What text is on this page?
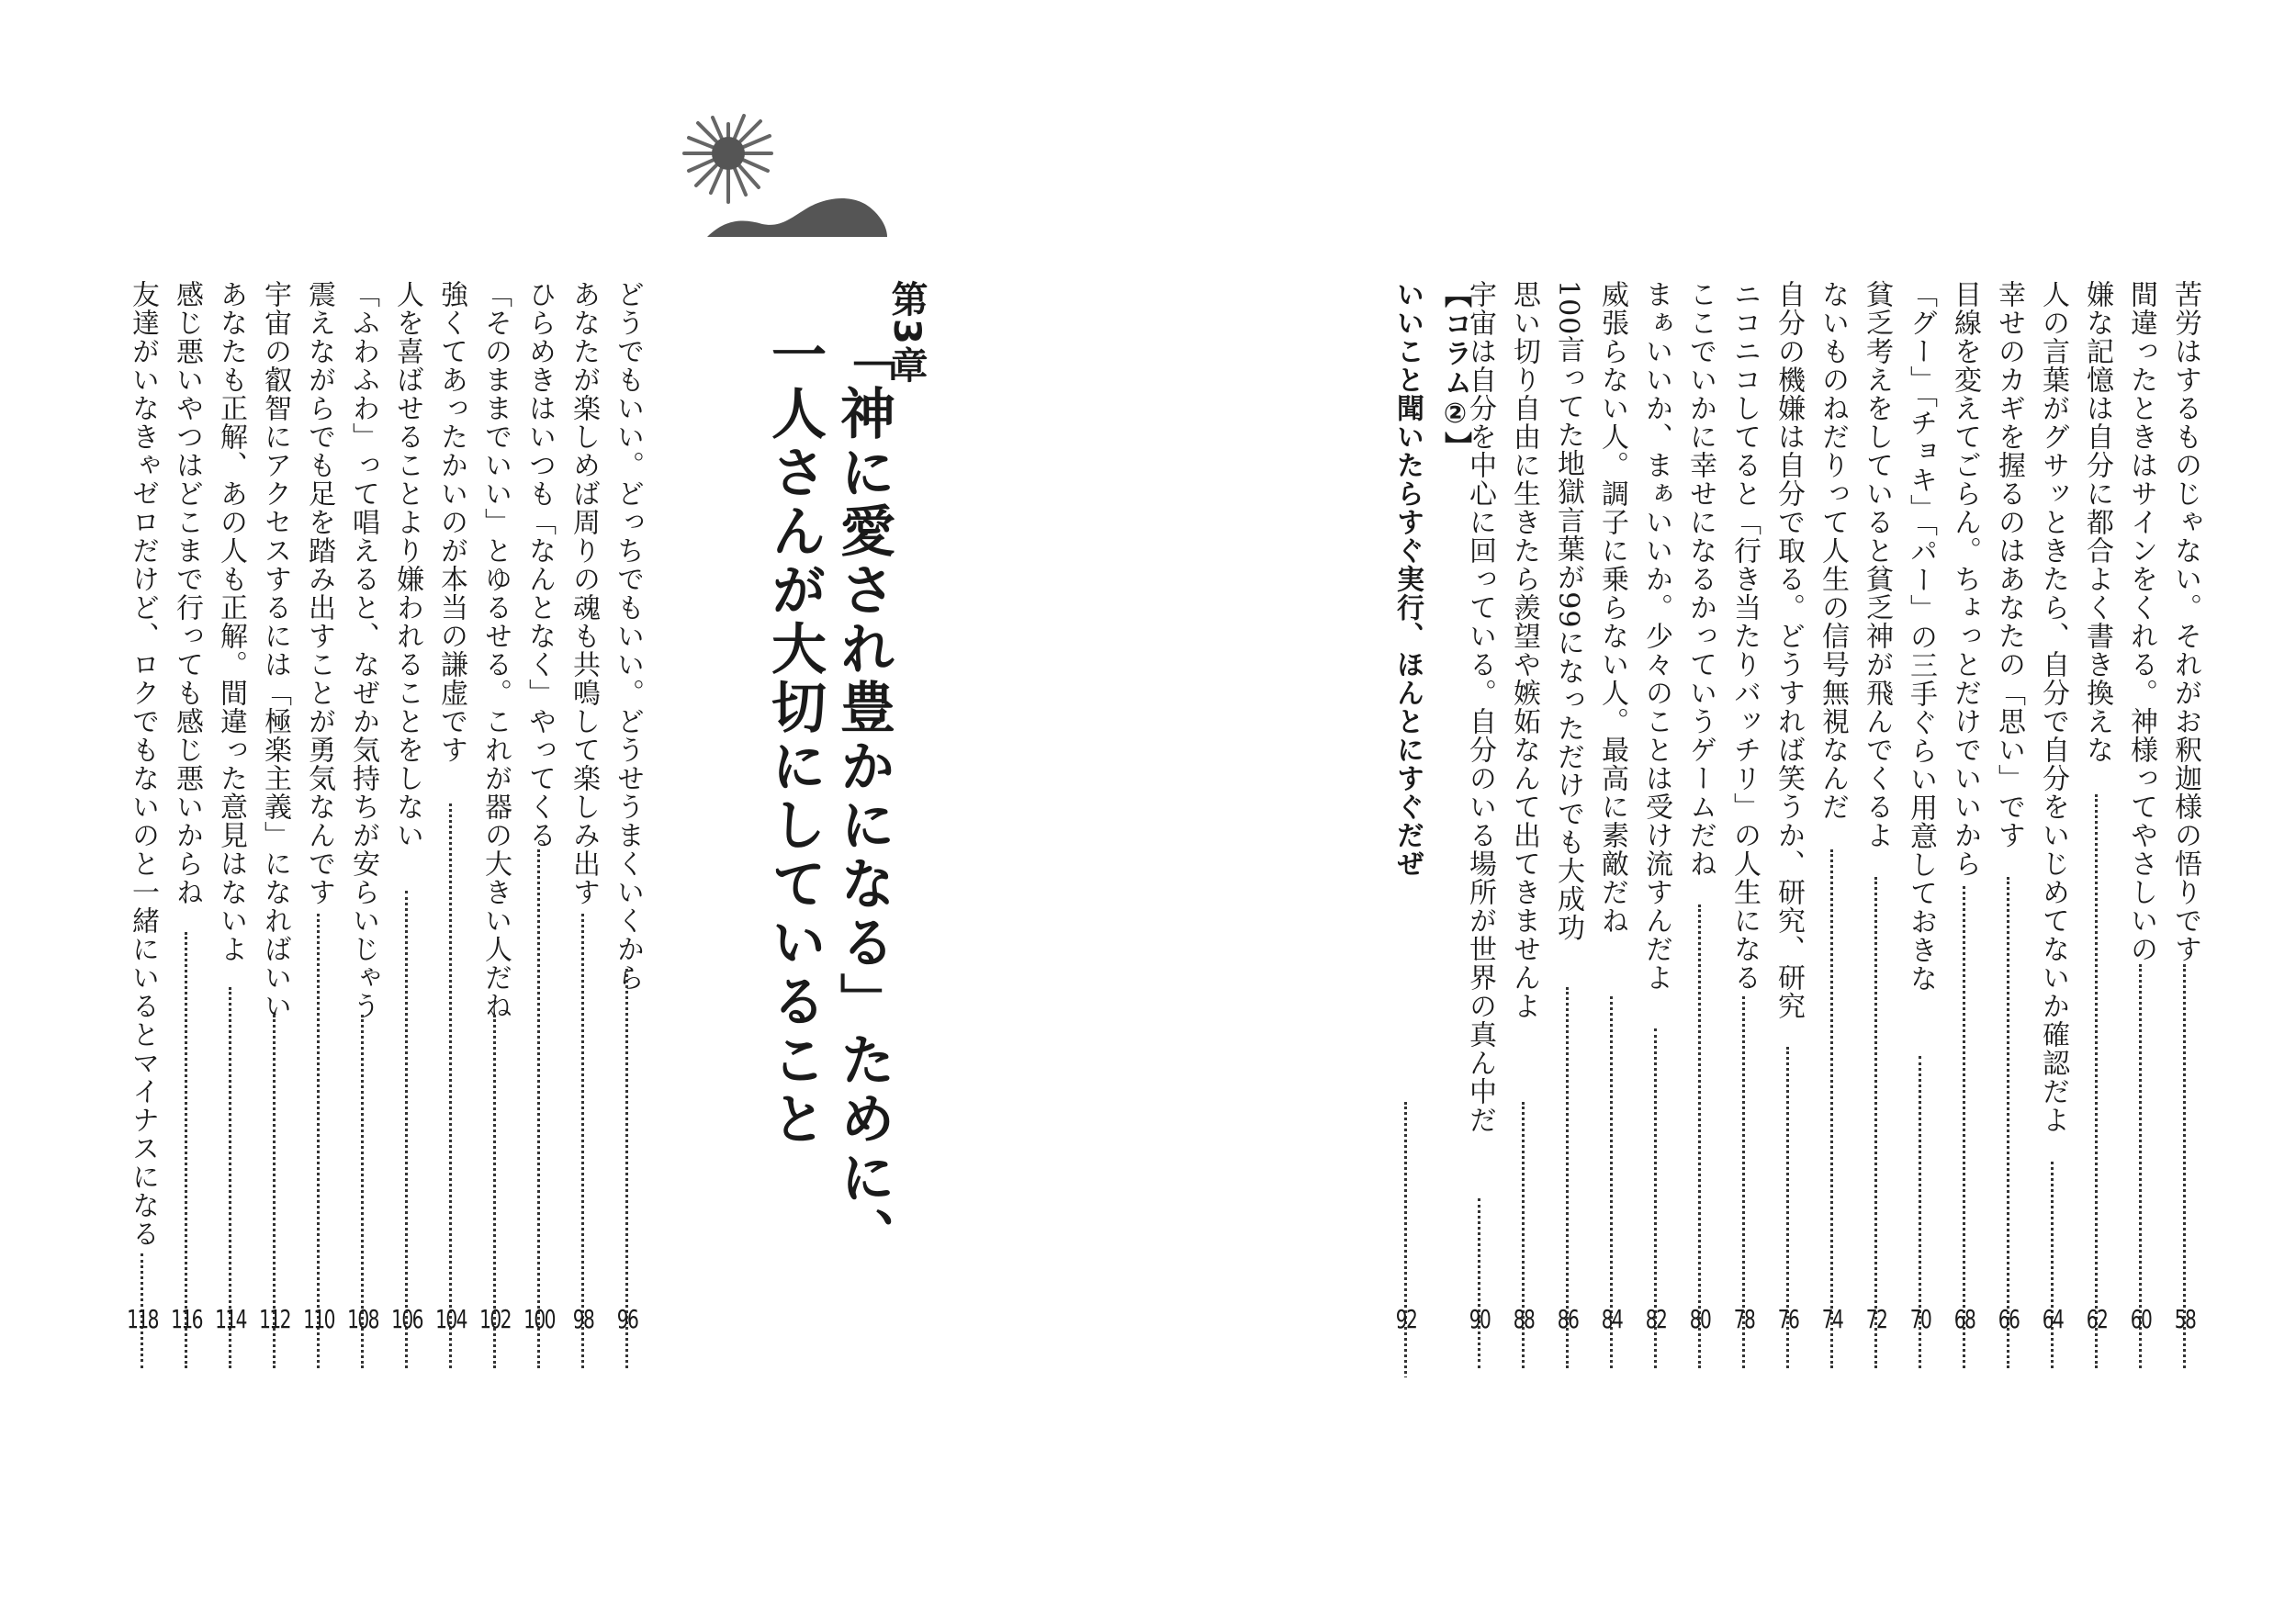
第3章
「神に愛され豊かになる」ために、
一人さんが大切にしていること	【コラム②】
いいこと聞いたらすぐ実行、ほんとにすぐだぜ
92
苦労はするものじゃない。それがお釈迦様の悟りです
58
間違ったときはサインをくれる。神様ってやさしいの
60
嫌な記憶は自分に都合よく書き換えな
62
人の言葉がグサッときたら、自分で自分をいじめてないか確認だよ
64
幸せのカギを握るのはあなたの「思い」です
66
目線を変えてごらん。ちょっとだけでいいから
68
「グー」「チョキ」「パー」の三手ぐらい用意しておきな
70
貧乏考えをしていると貧乏神が飛んでくるよ
72
ないものねだりって人生の信号無視なんだ
74
自分の機嫌は自分で取る。どうすれば笑うか、研究、研究
76
ニコニコしてると「行き当たりバッチリ」の人生になる
78
ここでいかに幸せになるかっていうゲームだね
80
まぁいいか、まぁいいか。少々のことは受け流すんだよ
82
威張らない人。調子に乗らない人。最高に素敵だね
84
100言ってた地獄言葉が99になっただけでも大成功
86
思い切り自由に生きたら羨望や嫉妬なんて出てきませんよ
88
宇宙は自分を中心に回っている。自分のいる場所が世界の真ん中だ
90
どうでもいい。どっちでもいい。どうせうまくいくから
96
あなたが楽しめば周りの魂も共鳴して楽しみ出す
98
ひらめきはいつも「なんとなく」やってくる
100
「そのままでいい」とゆるせる。これが器の大きい人だね
102
強くてあったかいのが本当の謙虚です
104
人を喜ばせることより嫌われることをしない
106
「ふわふわ」って唱えると、なぜか気持ちが安らいじゃう
108
震えながらでも足を踏み出すことが勇気なんです
110
宇宙の叡智にアクセスするには「極楽主義」になればいい
112
あなたも正解、あの人も正解。間違った意見はないよ
114
感じ悪いやつはどこまで行っても感じ悪いからね
116
友達がいなきゃゼロだけど、ロクでもないのと一緒にいるとマイナスになる
118
